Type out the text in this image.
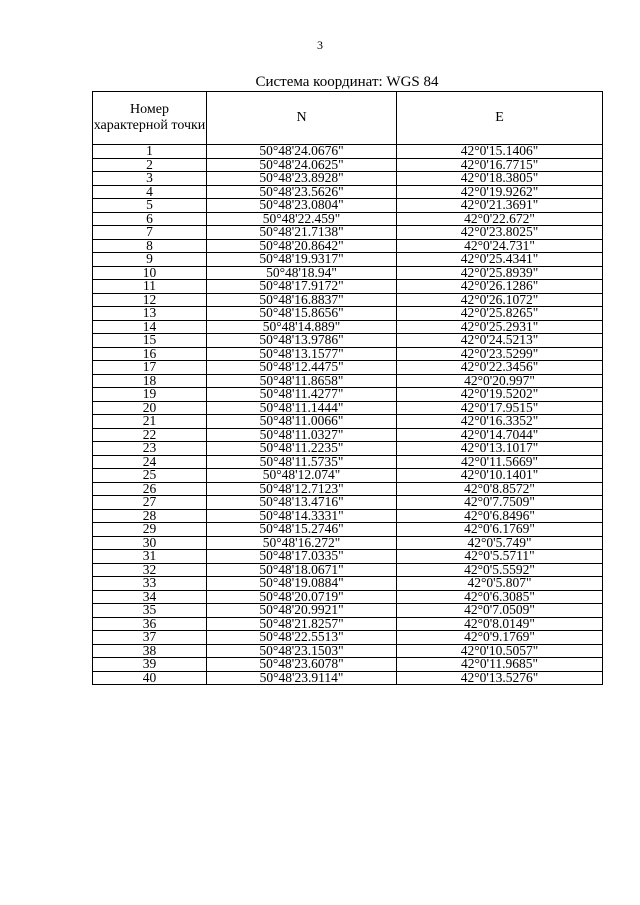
3
Система координат: WGS 84
Номер характерной точки	N	E
1	50°48'24.0676"	42°0'15.1406"
2	50°48'24.0625"	42°0'16.7715"
3	50°48'23.8928"	42°0'18.3805"
4	50°48'23.5626"	42°0'19.9262"
5	50°48'23.0804"	42°0'21.3691"
6	50°48'22.459"	42°0'22.672"
7	50°48'21.7138"	42°0'23.8025"
8	50°48'20.8642"	42°0'24.731"
9	50°48'19.9317"	42°0'25.4341"
10	50°48'18.94"	42°0'25.8939"
11	50°48'17.9172"	42°0'26.1286"
12	50°48'16.8837"	42°0'26.1072"
13	50°48'15.8656"	42°0'25.8265"
14	50°48'14.889"	42°0'25.2931"
15	50°48'13.9786"	42°0'24.5213"
16	50°48'13.1577"	42°0'23.5299"
17	50°48'12.4475"	42°0'22.3456"
18	50°48'11.8658"	42°0'20.997"
19	50°48'11.4277"	42°0'19.5202"
20	50°48'11.1444"	42°0'17.9515"
21	50°48'11.0066"	42°0'16.3352"
22	50°48'11.0327"	42°0'14.7044"
23	50°48'11.2235"	42°0'13.1017"
24	50°48'11.5735"	42°0'11.5669"
25	50°48'12.074"	42°0'10.1401"
26	50°48'12.7123"	42°0'8.8572"
27	50°48'13.4716"	42°0'7.7509"
28	50°48'14.3331"	42°0'6.8496"
29	50°48'15.2746"	42°0'6.1769"
30	50°48'16.272"	42°0'5.749"
31	50°48'17.0335"	42°0'5.5711"
32	50°48'18.0671"	42°0'5.5592"
33	50°48'19.0884"	42°0'5.807"
34	50°48'20.0719"	42°0'6.3085"
35	50°48'20.9921"	42°0'7.0509"
36	50°48'21.8257"	42°0'8.0149"
37	50°48'22.5513"	42°0'9.1769"
38	50°48'23.1503"	42°0'10.5057"
39	50°48'23.6078"	42°0'11.9685"
40	50°48'23.9114"	42°0'13.5276"
